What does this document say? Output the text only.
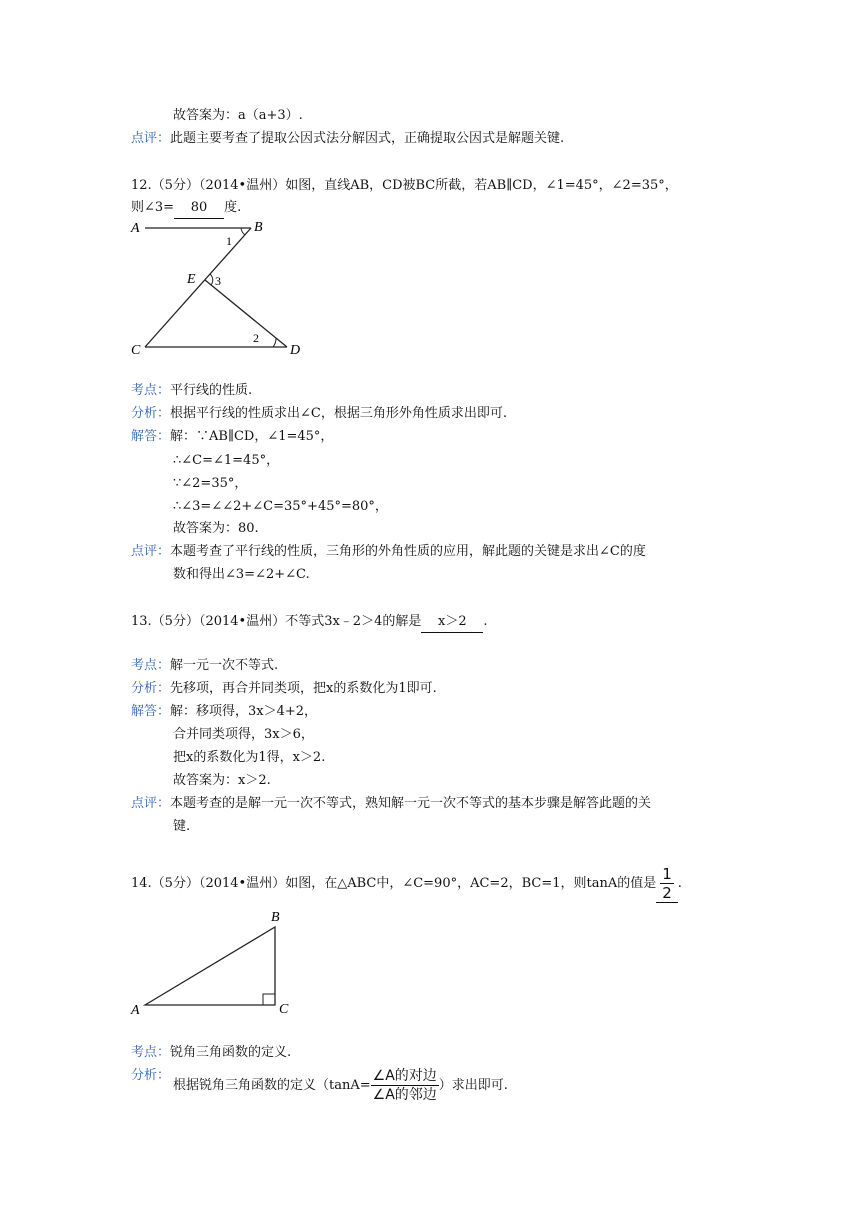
故答案为：a（a+3）.
点评：此题主要考查了提取公因式法分解因式，正确提取公因式是解题关键.
12.（5分）（2014•温州）如图，直线AB，CD被BC所截，若AB∥CD，∠1=45°，∠2=35°，
则∠3= 80 度.
A	B
C	D
E
1
2
3
考点：平行线的性质.
分析：根据平行线的性质求出∠C，根据三角形外角性质求出即可.
解答：解：∵AB∥CD，∠1=45°，
∴∠C=∠1=45°，
∵∠2=35°，
∴∠3=∠∠2+∠C=35°+45°=80°，
故答案为：80.
点评：本题考查了平行线的性质，三角形的外角性质的应用，解此题的关键是求出∠C的度
数和得出∠3=∠2+∠C.
13.（5分）（2014•温州）不等式3x﹣2＞4的解是 x＞2 .
考点：解一元一次不等式.
分析：先移项，再合并同类项，把x的系数化为1即可.
解答：解：移项得，3x＞4+2，
合并同类项得，3x＞6，
把x的系数化为1得，x＞2.
故答案为：x＞2.
点评：本题考查的是解一元一次不等式，熟知解一元一次不等式的基本步骤是解答此题的关
键.
14.（5分）（2014•温州）如图，在△ABC中，∠C=90°，AC=2，BC=1，则tanA的值是 $\frac{1}{2}$ .
A
B
C
考点：锐角三角函数的定义.
分析：
根据锐角三角函数的定义（$\tan A= \frac{\text{∠A的对边}}{\text{∠A的邻边}}$ ）求出即可.
